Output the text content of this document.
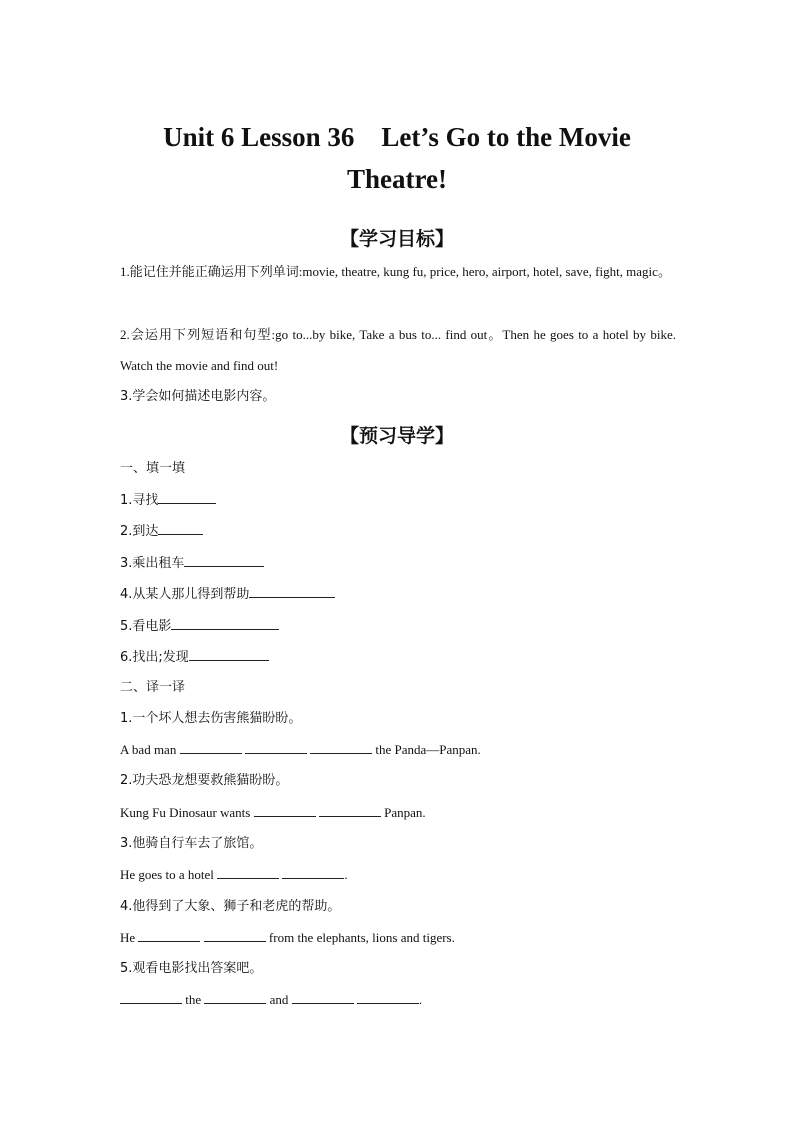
Unit 6 Lesson 36　Let’s Go to the Movie
Theatre!
【学习目标】

1.能记住并能正确运用下列单词:movie, theatre, kung fu, price, hero, airport, hotel, save, fight, magic。

2.会运用下列短语和句型:go to...by bike, Take a bus to... find out。Then he goes to a hotel by bike. Watch the movie and find out!

3.学会如何描述电影内容。

【预习导学】

一、填一填

1.寻找

2.到达

3.乘出租车

4.从某人那儿得到帮助

5.看电影

6.找出;发现

二、译一译

1.一个坏人想去伤害熊猫盼盼。

A bad man	the Panda—Panpan.

2.功夫恐龙想要救熊猫盼盼。

Kung Fu Dinosaur wants	Panpan.

3.他骑自行车去了旅馆。

He goes to a hotel	.

4.他得到了大象、狮子和老虎的帮助。

He	from the elephants, lions and tigers.

5.观看电影找出答案吧。

the	and	.
